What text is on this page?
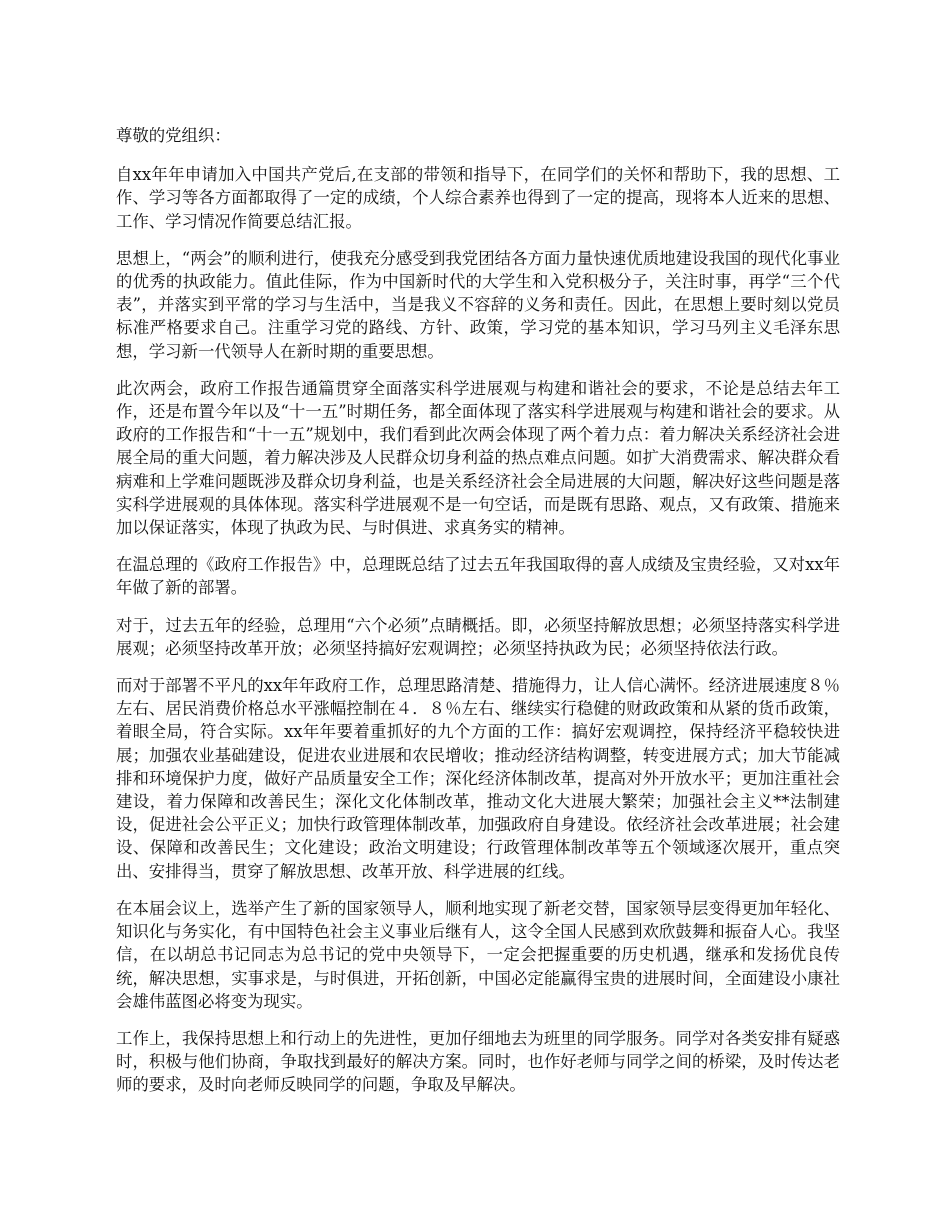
尊敬的党组织：

自xx年年申请加入中国共产党后,在支部的带领和指导下，在同学们的关怀和帮助下，我的思想、工作、学习等各方面都取得了一定的成绩，个人综合素养也得到了一定的提高，现将本人近来的思想、工作、学习情况作简要总结汇报。

思想上，“两会”的顺利进行，使我充分感受到我党团结各方面力量快速优质地建设我国的现代化事业的优秀的执政能力。值此佳际，作为中国新时代的大学生和入党积极分子，关注时事，再学“三个代表”，并落实到平常的学习与生活中，当是我义不容辞的义务和责任。因此，在思想上要时刻以党员标准严格要求自己。注重学习党的路线、方针、政策，学习党的基本知识，学习马列主义毛泽东思想，学习新一代领导人在新时期的重要思想。

此次两会，政府工作报告通篇贯穿全面落实科学进展观与构建和谐社会的要求，不论是总结去年工作，还是布置今年以及“十一五”时期任务，都全面体现了落实科学进展观与构建和谐社会的要求。从政府的工作报告和“十一五”规划中，我们看到此次两会体现了两个着力点：着力解决关系经济社会进展全局的重大问题，着力解决涉及人民群众切身利益的热点难点问题。如扩大消费需求、解决群众看病难和上学难问题既涉及群众切身利益，也是关系经济社会全局进展的大问题，解决好这些问题是落实科学进展观的具体体现。落实科学进展观不是一句空话，而是既有思路、观点，又有政策、措施来加以保证落实，体现了执政为民、与时俱进、求真务实的精神。

在温总理的《政府工作报告》中，总理既总结了过去五年我国取得的喜人成绩及宝贵经验，又对xx年年做了新的部署。

对于，过去五年的经验，总理用“六个必须”点睛概括。即，必须坚持解放思想；必须坚持落实科学进展观；必须坚持改革开放；必须坚持搞好宏观调控；必须坚持执政为民；必须坚持依法行政。

而对于部署不平凡的xx年年政府工作，总理思路清楚、措施得力，让人信心满怀。经济进展速度８％左右、居民消费价格总水平涨幅控制在４．８％左右、继续实行稳健的财政政策和从紧的货币政策，着眼全局，符合实际。xx年年要着重抓好的九个方面的工作：搞好宏观调控，保持经济平稳较快进展；加强农业基础建设，促进农业进展和农民增收；推动经济结构调整，转变进展方式；加大节能减排和环境保护力度，做好产品质量安全工作；深化经济体制改革，提高对外开放水平；更加注重社会建设，着力保障和改善民生；深化文化体制改革，推动文化大进展大繁荣；加强社会主义**法制建设，促进社会公平正义；加快行政管理体制改革，加强政府自身建设。依经济社会改革进展；社会建设、保障和改善民生；文化建设；政治文明建设；行政管理体制改革等五个领域逐次展开，重点突出、安排得当，贯穿了解放思想、改革开放、科学进展的红线。

在本届会议上，选举产生了新的国家领导人，顺利地实现了新老交替，国家领导层变得更加年轻化、知识化与务实化，有中国特色社会主义事业后继有人，这令全国人民感到欢欣鼓舞和振奋人心。我坚信，在以胡总书记同志为总书记的党中央领导下，一定会把握重要的历史机遇，继承和发扬优良传统，解决思想，实事求是，与时俱进，开拓创新，中国必定能赢得宝贵的进展时间，全面建设小康社会雄伟蓝图必将变为现实。

工作上，我保持思想上和行动上的先进性，更加仔细地去为班里的同学服务。同学对各类安排有疑惑时，积极与他们协商，争取找到最好的解决方案。同时，也作好老师与同学之间的桥梁，及时传达老师的要求，及时向老师反映同学的问题，争取及早解决。
